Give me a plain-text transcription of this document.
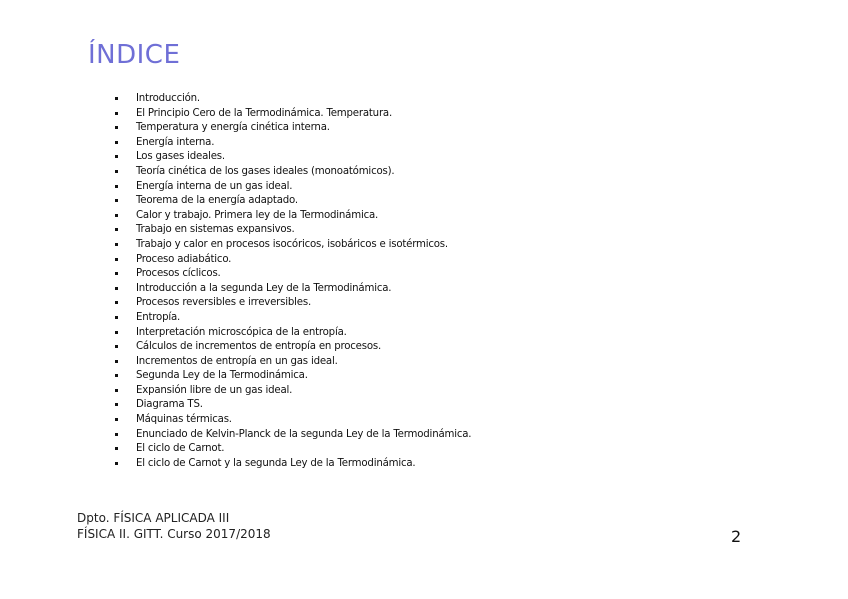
ÍNDICE
Introducción.
El Principio Cero de la Termodinámica. Temperatura.
Temperatura y energía cinética interna.
Energía interna.
Los gases ideales.
Teoría cinética de los gases ideales (monoatómicos).
Energía interna de un gas ideal.
Teorema de la energía adaptado.
Calor y trabajo. Primera ley de la Termodinámica.
Trabajo en sistemas expansivos.
Trabajo y calor en procesos isocóricos, isobáricos e isotérmicos.
Proceso adiabático.
Procesos cíclicos.
Introducción a la segunda Ley de la Termodinámica.
Procesos reversibles e irreversibles.
Entropía.
Interpretación microscópica de la entropía.
Cálculos de incrementos de entropía en procesos.
Incrementos de entropía en un gas ideal.
Segunda Ley de la Termodinámica.
Expansión libre de un gas ideal.
Diagrama TS.
Máquinas térmicas.
Enunciado de Kelvin-Planck de la segunda Ley de la Termodinámica.
El ciclo de Carnot.
El ciclo de Carnot y la segunda Ley de la Termodinámica.
Dpto. FÍSICA APLICADA III
FÍSICA II. GITT. Curso 2017/2018	2
